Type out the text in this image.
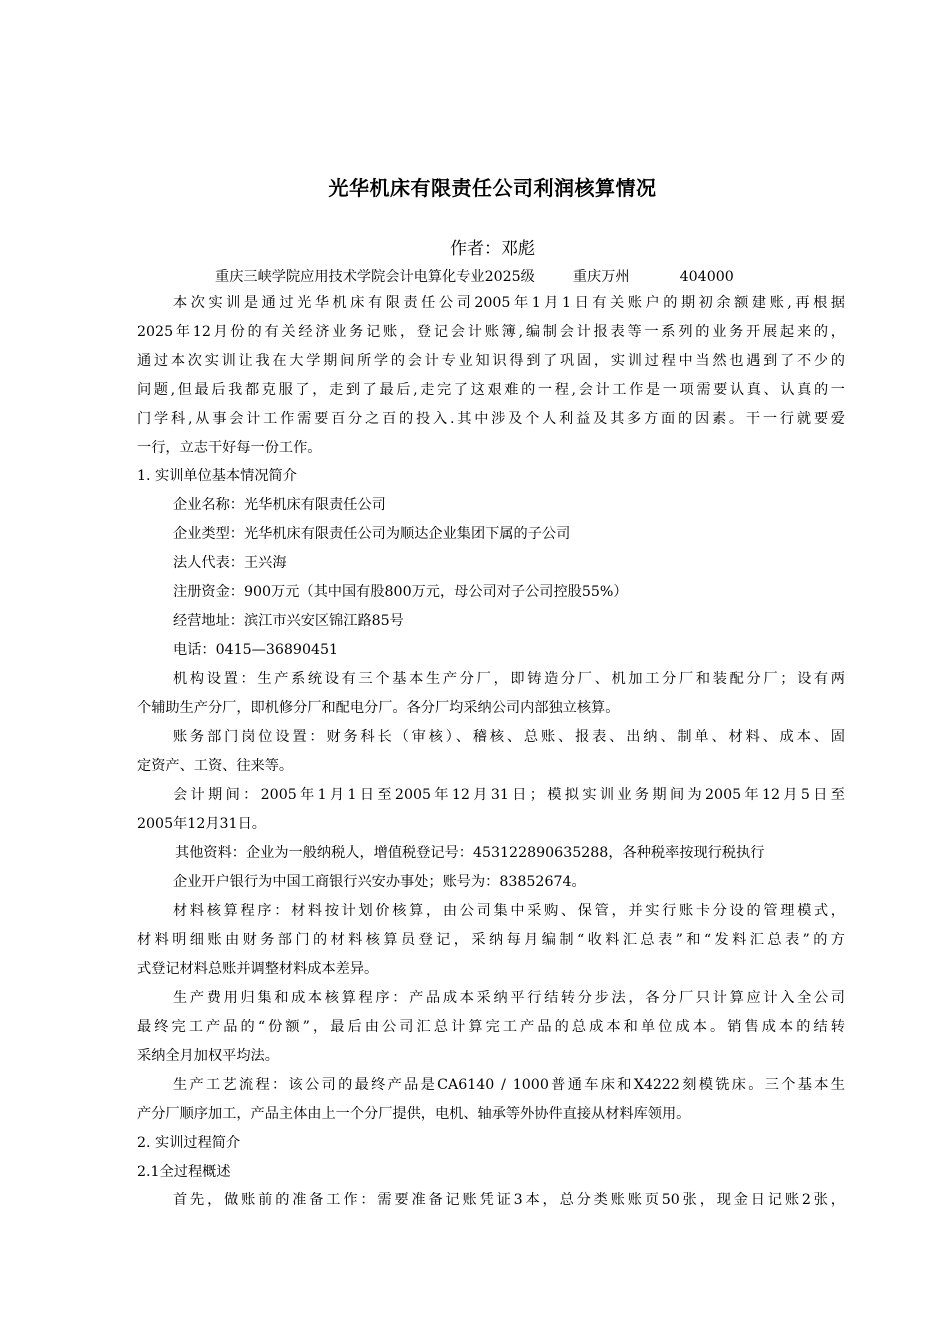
光华机床有限责任公司利润核算情况
作者：邓彪
重庆三峡学院应用技术学院会计电算化专业2025级	重庆万州	404000
本次实训是通过光华机床有限责任公司2005年1月1日有关账户的期初余额建账,再根据
2025年12月份的有关经济业务记账，登记会计账簿,编制会计报表等一系列的业务开展起来的，
通过本次实训让我在大学期间所学的会计专业知识得到了巩固，实训过程中当然也遇到了不少的
问题,但最后我都克服了，走到了最后,走完了这艰难的一程,会计工作是一项需要认真、认真的一
门学科,从事会计工作需要百分之百的投入.其中涉及个人利益及其多方面的因素。干一行就要爱
一行，立志干好每一份工作。
1. 实训单位基本情况简介
企业名称：光华机床有限责任公司
企业类型：光华机床有限责任公司为顺达企业集团下属的子公司
法人代表：王兴海
注册资金：900万元（其中国有股800万元，母公司对子公司控股55%）
经营地址：滨江市兴安区锦江路85号
电话：0415—36890451
机构设置：生产系统设有三个基本生产分厂，即铸造分厂、机加工分厂和装配分厂；设有两
个辅助生产分厂，即机修分厂和配电分厂。各分厂均采纳公司内部独立核算。
账务部门岗位设置：财务科长（审核）、稽核、总账、报表、出纳、制单、材料、成本、固
定资产、工资、往来等。
会计期间：2005年1月1日至2005年12月31日；模拟实训业务期间为2005年12月5日至
2005年12月31日。
其他资料：企业为一般纳税人，增值税登记号：453122890635288，各种税率按现行税执行
企业开户银行为中国工商银行兴安办事处；账号为：83852674。
材料核算程序：材料按计划价核算，由公司集中采购、保管，并实行账卡分设的管理模式，
材料明细账由财务部门的材料核算员登记，采纳每月编制“收料汇总表”和“发料汇总表”的方
式登记材料总账并调整材料成本差异。
生产费用归集和成本核算程序：产品成本采纳平行结转分步法，各分厂只计算应计入全公司
最终完工产品的“份额”，最后由公司汇总计算完工产品的总成本和单位成本。销售成本的结转
采纳全月加权平均法。
生产工艺流程：该公司的最终产品是CA6140 / 1000普通车床和X4222刻模铣床。三个基本生
产分厂顺序加工，产品主体由上一个分厂提供，电机、轴承等外协件直接从材料库领用。
2. 实训过程简介
2.1全过程概述
首先，做账前的准备工作：需要准备记账凭证3本，总分类账账页50张，现金日记账2张，
